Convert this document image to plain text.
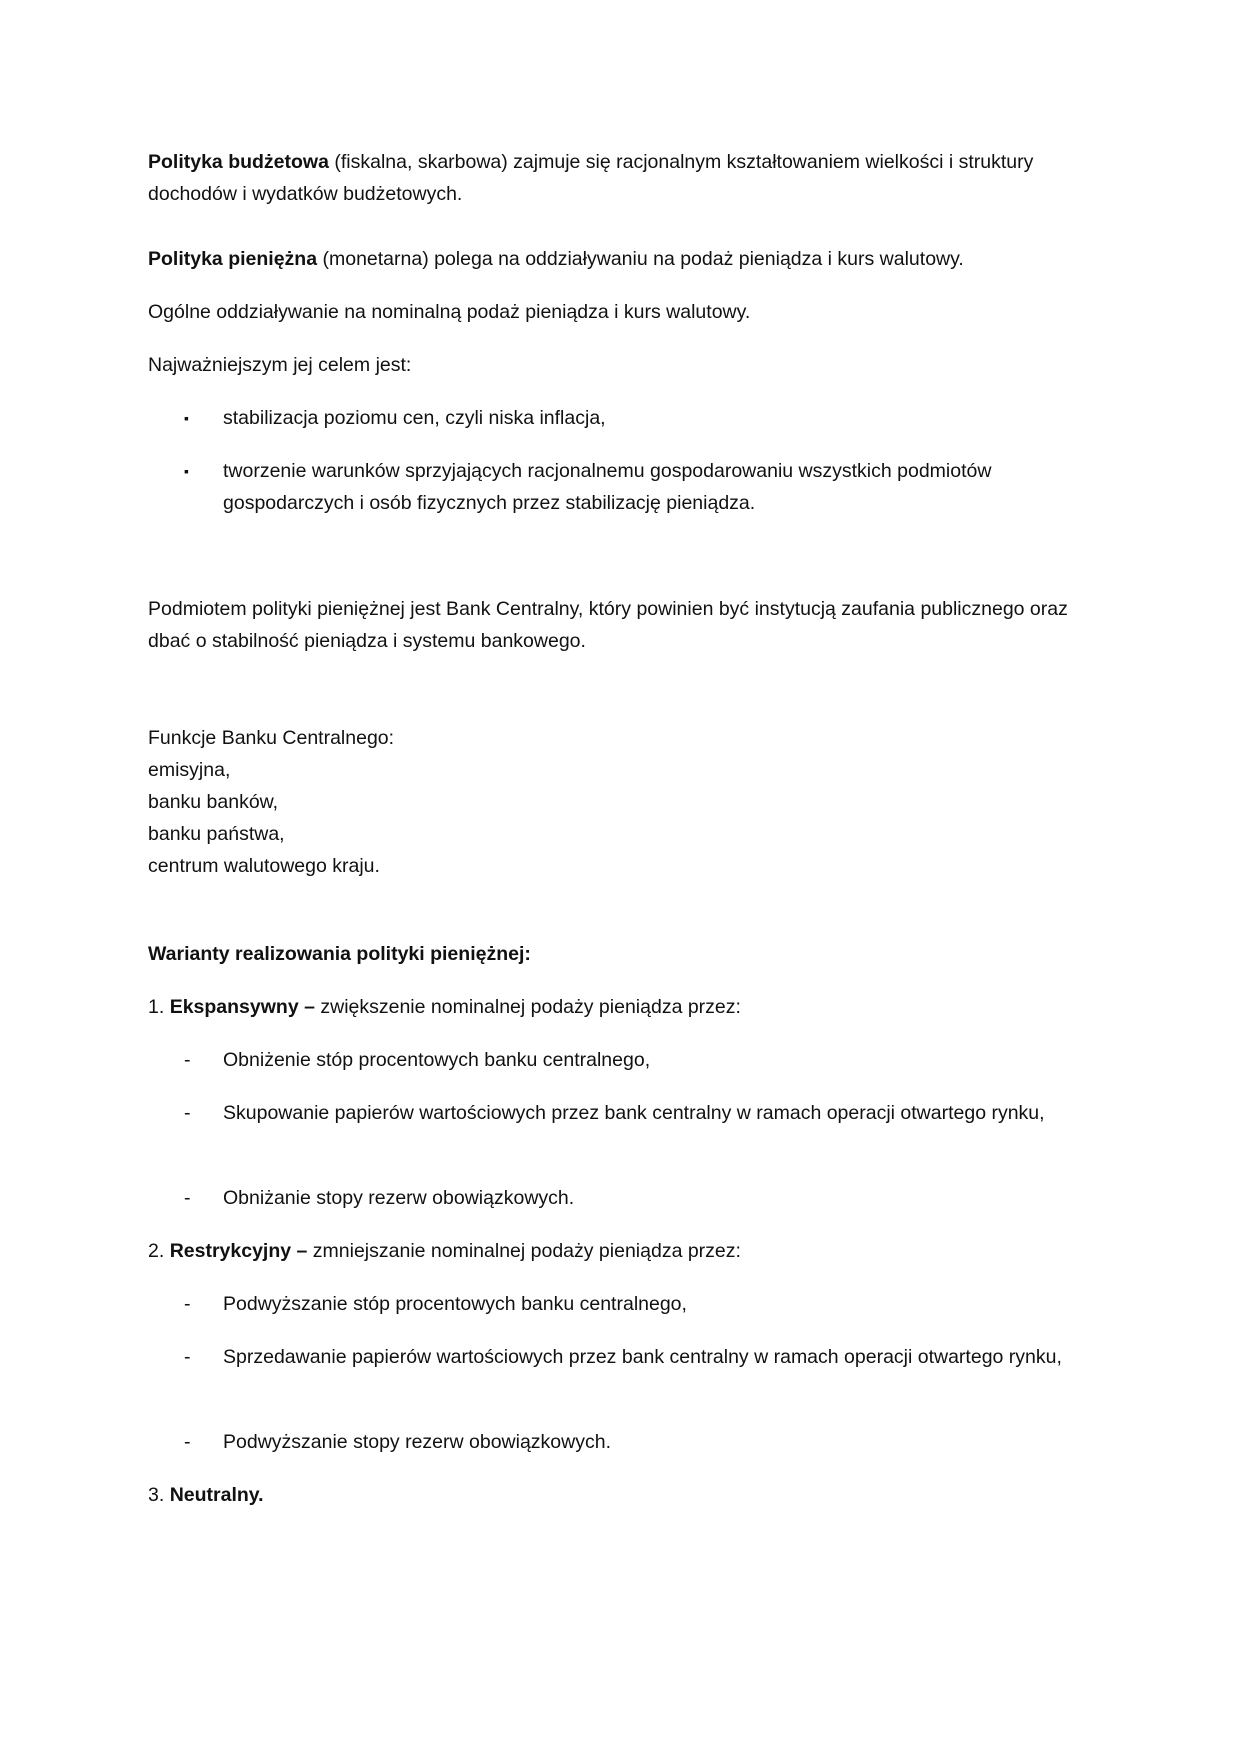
Polityka budżetowa (fiskalna, skarbowa) zajmuje się racjonalnym kształtowaniem wielkości i struktury dochodów i wydatków budżetowych.

Polityka pieniężna (monetarna) polega na oddziaływaniu na podaż pieniądza i kurs walutowy.

Ogólne oddziaływanie na nominalną podaż pieniądza i kurs walutowy.

Najważniejszym jej celem jest:

▪ stabilizacja poziomu cen, czyli niska inflacja,
▪ tworzenie warunków sprzyjających racjonalnemu gospodarowaniu wszystkich podmiotów gospodarczych i osób fizycznych przez stabilizację pieniądza.

Podmiotem polityki pieniężnej jest Bank Centralny, który powinien być instytucją zaufania publicznego oraz dbać o stabilność pieniądza i systemu bankowego.

Funkcje Banku Centralnego:
emisyjna,
banku banków,
banku państwa,
centrum walutowego kraju.

Warianty realizowania polityki pieniężnej:

1. Ekspansywny – zwiększenie nominalnej podaży pieniądza przez:

- Obniżenie stóp procentowych banku centralnego,
- Skupowanie papierów wartościowych przez bank centralny w ramach operacji otwartego rynku,
- Obniżanie stopy rezerw obowiązkowych.

2. Restrykcyjny – zmniejszanie nominalnej podaży pieniądza przez:

- Podwyższanie stóp procentowych banku centralnego,
- Sprzedawanie papierów wartościowych przez bank centralny w ramach operacji otwartego rynku,
- Podwyższanie stopy rezerw obowiązkowych.

3. Neutralny.
